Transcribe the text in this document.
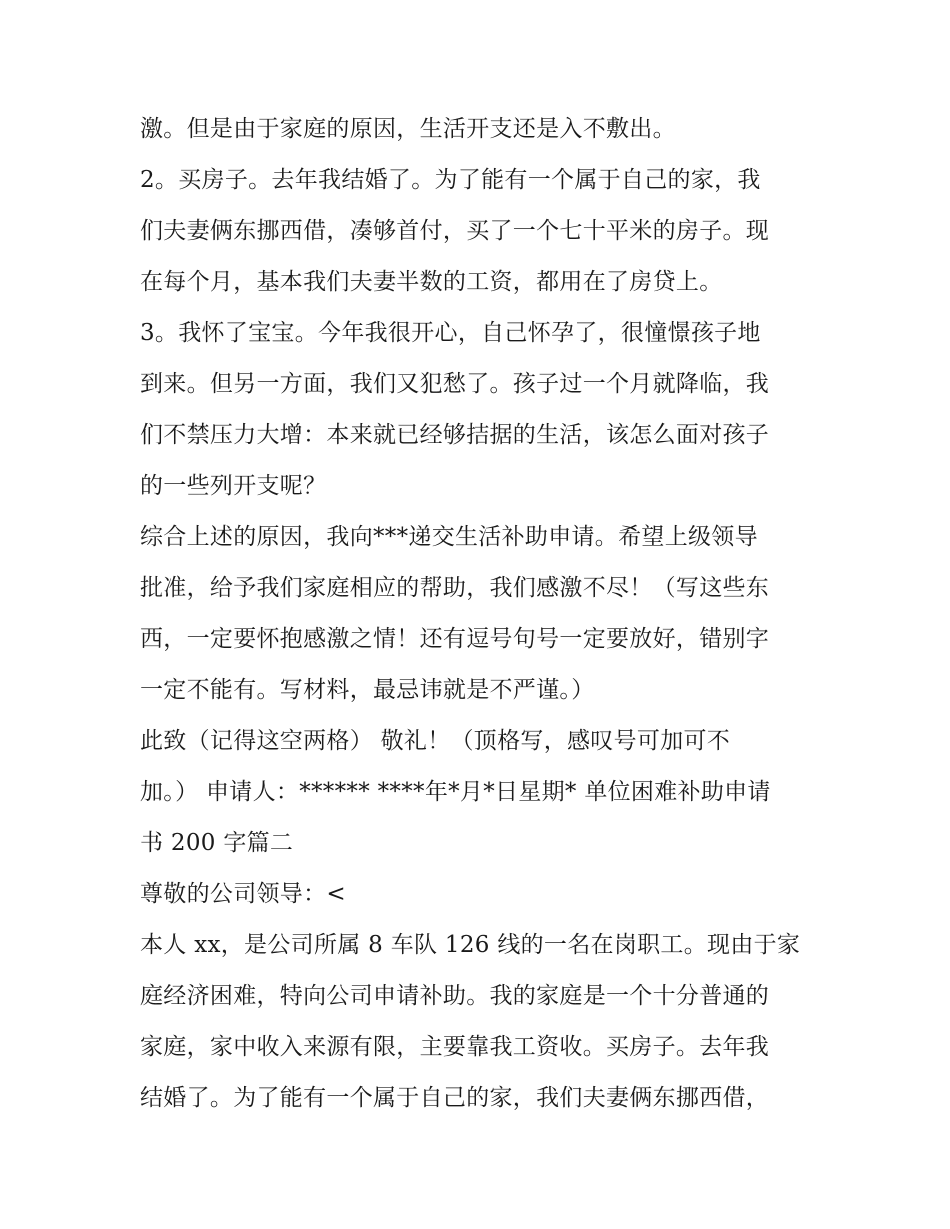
激。但是由于家庭的原因，生活开支还是入不敷出。
2。买房子。去年我结婚了。为了能有一个属于自己的家，我
们夫妻俩东挪西借，凑够首付，买了一个七十平米的房子。现
在每个月，基本我们夫妻半数的工资，都用在了房贷上。
3。我怀了宝宝。今年我很开心，自己怀孕了，很憧憬孩子地
到来。但另一方面，我们又犯愁了。孩子过一个月就降临，我
们不禁压力大增：本来就已经够拮据的生活，该怎么面对孩子
的一些列开支呢？
综合上述的原因，我向***递交生活补助申请。希望上级领导
批准，给予我们家庭相应的帮助，我们感激不尽！（写这些东
西，一定要怀抱感激之情！还有逗号句号一定要放好，错别字
一定不能有。写材料，最忌讳就是不严谨。）
此致（记得这空两格） 敬礼！（顶格写，感叹号可加可不
加。） 申请人：****** ****年*月*日星期* 单位困难补助申请
书 200 字篇二
尊敬的公司领导：<
本人 xx，是公司所属 8 车队 126 线的一名在岗职工。现由于家
庭经济困难，特向公司申请补助。我的家庭是一个十分普通的
家庭，家中收入来源有限，主要靠我工资收。买房子。去年我
结婚了。为了能有一个属于自己的家，我们夫妻俩东挪西借，
